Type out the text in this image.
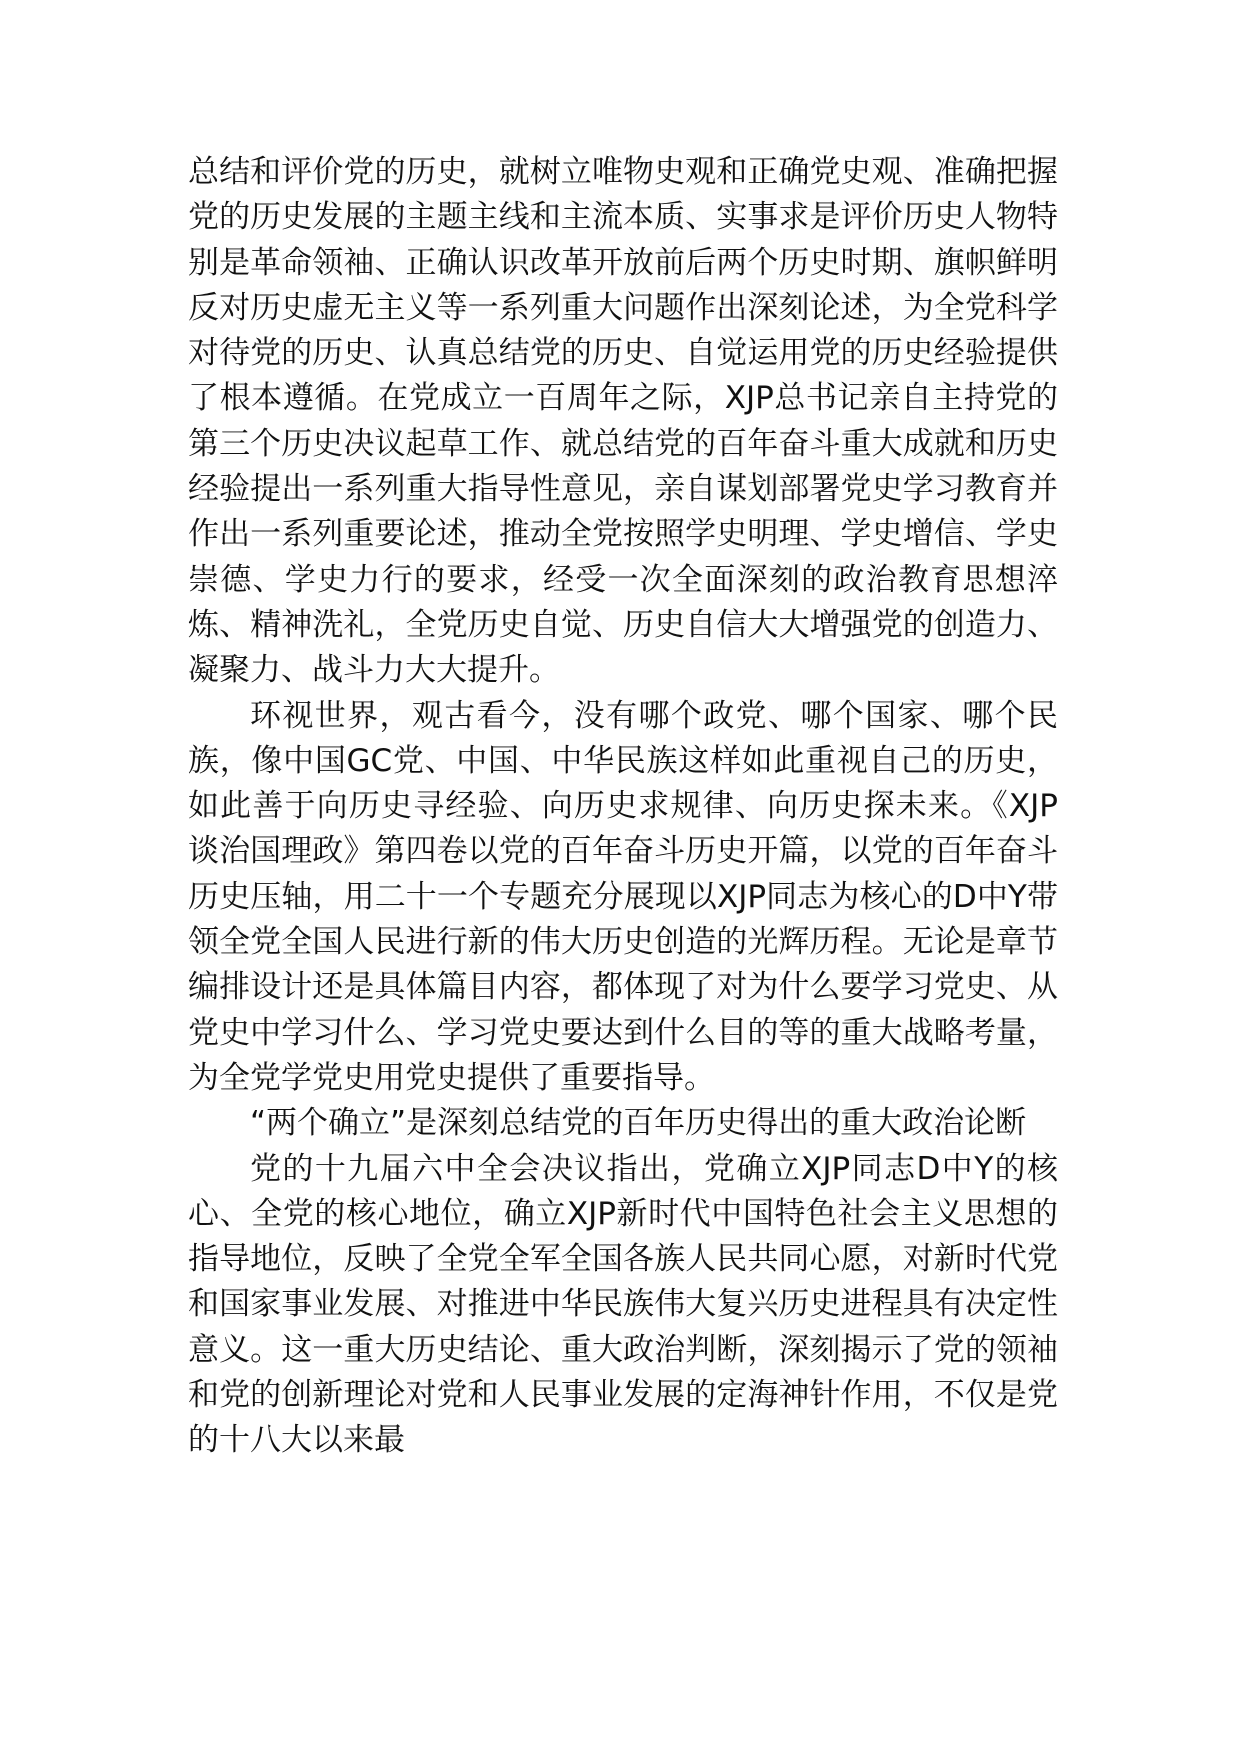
总结和评价党的历史，就树立唯物史观和正确党史观、准确把握党的历史发展的主题主线和主流本质、实事求是评价历史人物特别是革命领袖、正确认识改革开放前后两个历史时期、旗帜鲜明反对历史虚无主义等一系列重大问题作出深刻论述，为全党科学对待党的历史、认真总结党的历史、自觉运用党的历史经验提供了根本遵循。在党成立一百周年之际，XJP总书记亲自主持党的第三个历史决议起草工作、就总结党的百年奋斗重大成就和历史经验提出一系列重大指导性意见，亲自谋划部署党史学习教育并作出一系列重要论述，推动全党按照学史明理、学史增信、学史崇德、学史力行的要求，经受一次全面深刻的政治教育思想淬炼、精神洗礼，全党历史自觉、历史自信大大增强党的创造力、凝聚力、战斗力大大提升。

环视世界，观古看今，没有哪个政党、哪个国家、哪个民族，像中国GC党、中国、中华民族这样如此重视自己的历史，如此善于向历史寻经验、向历史求规律、向历史探未来。《XJP谈治国理政》第四卷以党的百年奋斗历史开篇，以党的百年奋斗历史压轴，用二十一个专题充分展现以XJP同志为核心的D中Y带领全党全国人民进行新的伟大历史创造的光辉历程。无论是章节编排设计还是具体篇目内容，都体现了对为什么要学习党史、从党史中学习什么、学习党史要达到什么目的等的重大战略考量，为全党学党史用党史提供了重要指导。

“两个确立”是深刻总结党的百年历史得出的重大政治论断

党的十九届六中全会决议指出，党确立XJP同志D中Y的核心、全党的核心地位，确立XJP新时代中国特色社会主义思想的指导地位，反映了全党全军全国各族人民共同心愿，对新时代党和国家事业发展、对推进中华民族伟大复兴历史进程具有决定性意义。这一重大历史结论、重大政治判断，深刻揭示了党的领袖和党的创新理论对党和人民事业发展的定海神针作用，不仅是党的十八大以来最
